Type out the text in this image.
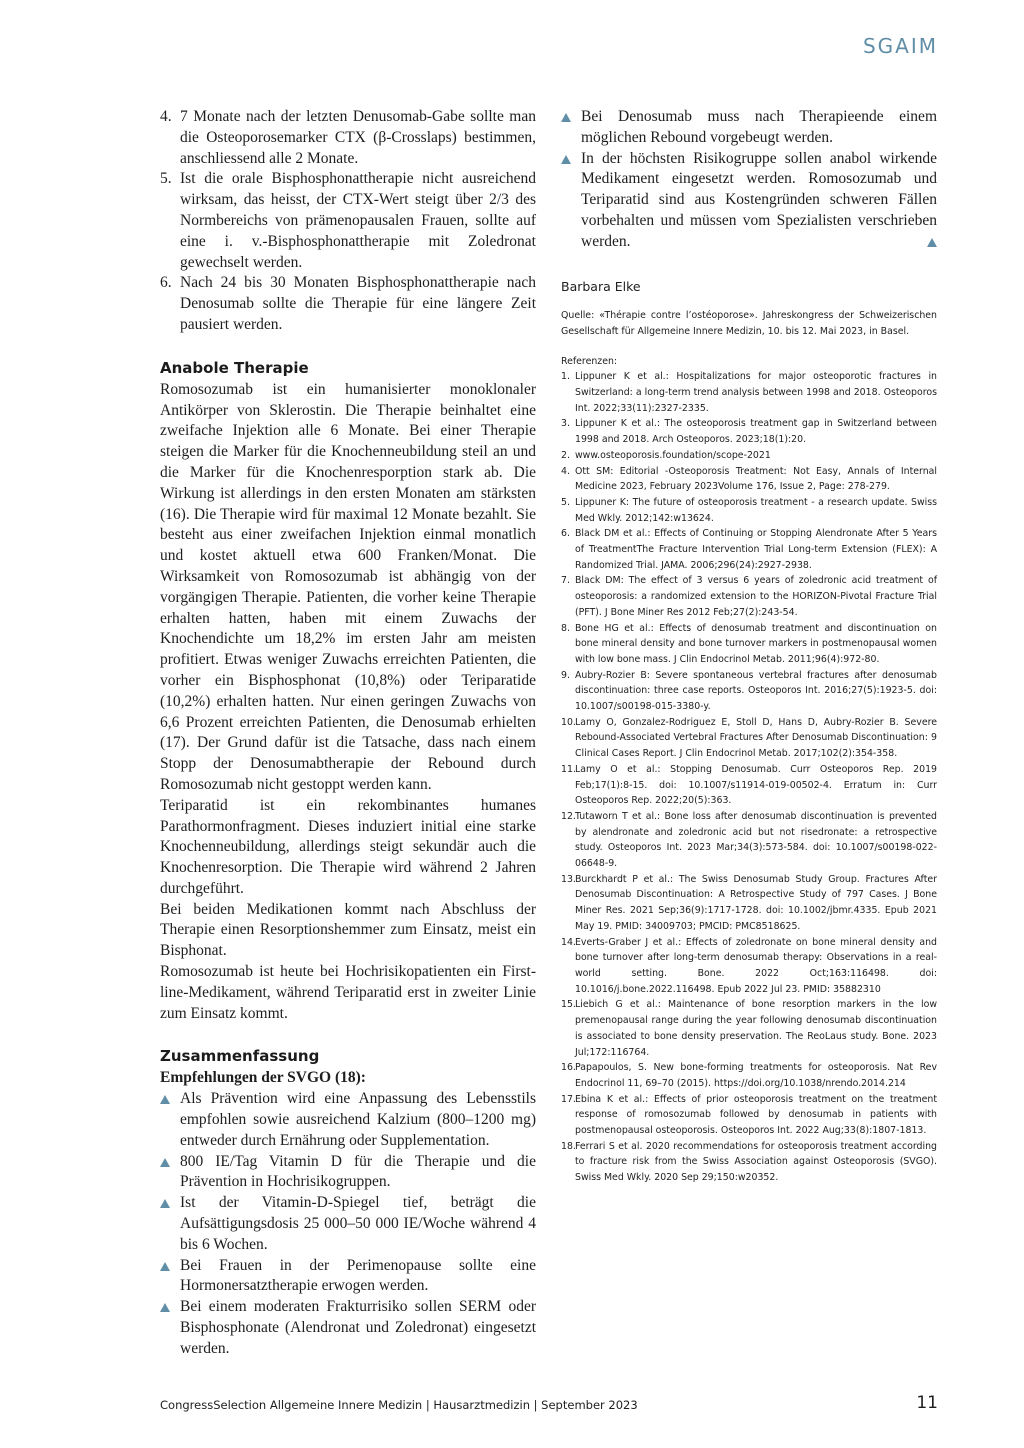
SGAIM
4. 7 Monate nach der letzten Denusomab-Gabe sollte man die Osteoporosemarker CTX (β-Crosslaps) bestimmen, anschliessend alle 2 Monate.
5. Ist die orale Bisphosphonattherapie nicht ausreichend wirksam, das heisst, der CTX-Wert steigt über 2/3 des Normbereichs von prämenopausalen Frauen, sollte auf eine i. v.-Bisphosphonattherapie mit Zoledronat gewechselt werden.
6. Nach 24 bis 30 Monaten Bisphosphonattherapie nach Denosumab sollte die Therapie für eine längere Zeit pausiert werden.
Anabole Therapie

Romosozumab ist ein humanisierter monoklonaler Antikörper von Sklerostin. Die Therapie beinhaltet eine zweifache Injektion alle 6 Monate. Bei einer Therapie steigen die Marker für die Knochenneubildung steil an und die Marker für die Knochenresporption stark ab. Die Wirkung ist allerdings in den ersten Monaten am stärksten (16). Die Therapie wird für maximal 12 Monate bezahlt. Sie besteht aus einer zweifachen Injektion einmal monatlich und kostet aktuell etwa 600 Franken/Monat. Die Wirksamkeit von Romosozumab ist abhängig von der vorgängigen Therapie. Patienten, die vorher keine Therapie erhalten hatten, haben mit einem Zuwachs der Knochendichte um 18,2% im ersten Jahr am meisten profitiert. Etwas weniger Zuwachs erreichten Patienten, die vorher ein Bisphosphonat (10,8%) oder Teriparatide (10,2%) erhalten hatten. Nur einen geringen Zuwachs von 6,6 Prozent erreichten Patienten, die Denosumab erhielten (17). Der Grund dafür ist die Tatsache, dass nach einem Stopp der Denosumabtherapie der Rebound durch Romosozumab nicht gestoppt werden kann.

Teriparatid ist ein rekombinantes humanes Parathormonfragment. Dieses induziert initial eine starke Knochenneubildung, allerdings steigt sekundär auch die Knochenresorption. Die Therapie wird während 2 Jahren durchgeführt.

Bei beiden Medikationen kommt nach Abschluss der Therapie einen Resorptionshemmer zum Einsatz, meist ein Bisphonat.

Romosozumab ist heute bei Hochrisikopatienten ein First-line-Medikament, während Teriparatid erst in zweiter Linie zum Einsatz kommt.

Zusammenfassung

Empfehlungen der SVGO (18):

Als Prävention wird eine Anpassung des Lebensstils empfohlen sowie ausreichend Kalzium (800–1200 mg) entweder durch Ernährung oder Supplementation.
800 IE/Tag Vitamin D für die Therapie und die Prävention in Hochrisikogruppen.
Ist der Vitamin-D-Spiegel tief, beträgt die Aufsättigungsdosis 25 000–50 000 IE/Woche während 4 bis 6 Wochen.
Bei Frauen in der Perimenopause sollte eine Hormonersatztherapie erwogen werden.
Bei einem moderaten Frakturrisiko sollen SERM oder Bisphosphonate (Alendronat und Zoledronat) eingesetzt werden.
Bei Denosumab muss nach Therapieende einem möglichen Rebound vorgebeugt werden.
In der höchsten Risikogruppe sollen anabol wirkende Medikament eingesetzt werden. Romosozumab und Teriparatid sind aus Kostengründen schweren Fällen vorbehalten und müssen vom Spezialisten verschrieben werden.
Barbara Elke
Quelle: «Thérapie contre l’ostéoporose». Jahreskongress der Schweizerischen Gesellschaft für Allgemeine Innere Medizin, 10. bis 12. Mai 2023, in Basel.
Referenzen:
1. Lippuner K et al.: Hospitalizations for major osteoporotic fractures in Switzerland: a long-term trend analysis between 1998 and 2018. Osteoporos Int. 2022;33(11):2327-2335.
3. Lippuner K et al.: The osteoporosis treatment gap in Switzerland between 1998 and 2018. Arch Osteoporos. 2023;18(1):20.
2. www.osteoporosis.foundation/scope-2021
4. Ott SM: Editorial -Osteoporosis Treatment: Not Easy, Annals of Internal Medicine 2023, February 2023Volume 176, Issue 2, Page: 278-279.
5. Lippuner K: The future of osteoporosis treatment - a research update. Swiss Med Wkly. 2012;142:w13624.
6. Black DM et al.: Effects of Continuing or Stopping Alendronate After 5 Years of TreatmentThe Fracture Intervention Trial Long-term Extension (FLEX): A Randomized Trial. JAMA. 2006;296(24):2927-2938.
7. Black DM: The effect of 3 versus 6 years of zoledronic acid treatment of osteoporosis: a randomized extension to the HORIZON-Pivotal Fracture Trial (PFT). J Bone Miner Res 2012 Feb;27(2):243-54.
8. Bone HG et al.: Effects of denosumab treatment and discontinuation on bone mineral density and bone turnover markers in postmenopausal women with low bone mass. J Clin Endocrinol Metab. 2011;96(4):972-80.
9. Aubry-Rozier B: Severe spontaneous vertebral fractures after denosumab discontinuation: three case reports. Osteoporos Int. 2016;27(5):1923-5. doi: 10.1007/s00198-015-3380-y.
10. Lamy O, Gonzalez-Rodriguez E, Stoll D, Hans D, Aubry-Rozier B. Severe Rebound-Associated Vertebral Fractures After Denosumab Discontinuation: 9 Clinical Cases Report. J Clin Endocrinol Metab. 2017;102(2):354-358.
11. Lamy O et al.: Stopping Denosumab. Curr Osteoporos Rep. 2019 Feb;17(1):8-15. doi: 10.1007/s11914-019-00502-4. Erratum in: Curr Osteoporos Rep. 2022;20(5):363.
12. Tutaworn T et al.: Bone loss after denosumab discontinuation is prevented by alendronate and zoledronic acid but not risedronate: a retrospective study. Osteoporos Int. 2023 Mar;34(3):573-584. doi: 10.1007/s00198-022-06648-9.
13. Burckhardt P et al.: The Swiss Denosumab Study Group. Fractures After Denosumab Discontinuation: A Retrospective Study of 797 Cases. J Bone Miner Res. 2021 Sep;36(9):1717-1728. doi: 10.1002/jbmr.4335. Epub 2021 May 19. PMID: 34009703; PMCID: PMC8518625.
14. Everts-Graber J et al.: Effects of zoledronate on bone mineral density and bone turnover after long-term denosumab therapy: Observations in a real-world setting. Bone. 2022 Oct;163:116498. doi: 10.1016/j.bone.2022.116498. Epub 2022 Jul 23. PMID: 35882310
15. Liebich G et al.: Maintenance of bone resorption markers in the low premenopausal range during the year following denosumab discontinuation is associated to bone density preservation. The ReoLaus study. Bone. 2023 Jul;172:116764.
16. Papapoulos, S. New bone-forming treatments for osteoporosis. Nat Rev Endocrinol 11, 69–70 (2015). https://doi.org/10.1038/nrendo.2014.214
17. Ebina K et al.: Effects of prior osteoporosis treatment on the treatment response of romosozumab followed by denosumab in patients with postmenopausal osteoporosis. Osteoporos Int. 2022 Aug;33(8):1807-1813.
18. Ferrari S et al. 2020 recommendations for osteoporosis treatment according to fracture risk from the Swiss Association against Osteoporosis (SVGO). Swiss Med Wkly. 2020 Sep 29;150:w20352.
CongressSelection Allgemeine Innere Medizin | Hausarztmedizin | September 2023	11
